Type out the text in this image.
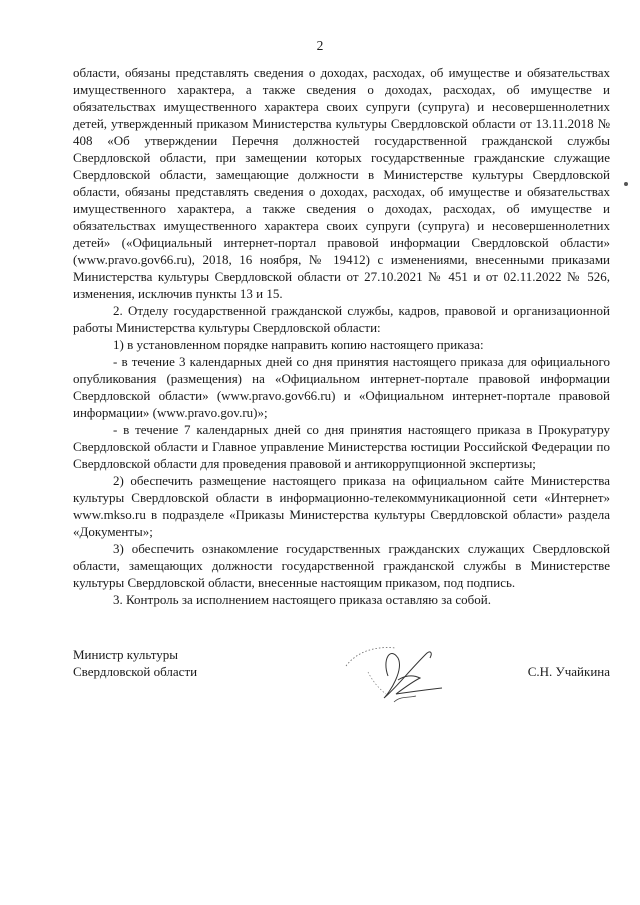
2

области, обязаны представлять сведения о доходах, расходах, об имуществе и обязательствах имущественного характера, а также сведения о доходах, расходах, об имуществе и обязательствах имущественного характера своих супруги (супруга) и несовершеннолетних детей, утвержденный приказом Министерства культуры Свердловской области от 13.11.2018 № 408 «Об утверждении Перечня должностей государственной гражданской службы Свердловской области, при замещении которых государственные гражданские служащие Свердловской области, замещающие должности в Министерстве культуры Свердловской области, обязаны представлять сведения о доходах, расходах, об имуществе и обязательствах имущественного характера, а также сведения о доходах, расходах, об имуществе и обязательствах имущественного характера своих супруги (супруга) и несовершеннолетних детей» («Официальный интернет-портал правовой информации Свердловской области» (www.pravo.gov66.ru), 2018, 16 ноября, № 19412) с изменениями, внесенными приказами Министерства культуры Свердловской области от 27.10.2021 № 451 и от 02.11.2022 № 526, изменения, исключив пункты 13 и 15.

2. Отделу государственной гражданской службы, кадров, правовой и организационной работы Министерства культуры Свердловской области:

1) в установленном порядке направить копию настоящего приказа:

- в течение 3 календарных дней со дня принятия настоящего приказа для официального опубликования (размещения) на «Официальном интернет-портале правовой информации Свердловской области» (www.pravo.gov66.ru) и «Официальном интернет-портале правовой информации» (www.pravo.gov.ru)»;

- в течение 7 календарных дней со дня принятия настоящего приказа в Прокуратуру Свердловской области и Главное управление Министерства юстиции Российской Федерации по Свердловской области для проведения правовой и антикоррупционной экспертизы;

2) обеспечить размещение настоящего приказа на официальном сайте Министерства культуры Свердловской области в информационно-телекоммуникационной сети «Интернет» www.mkso.ru в подразделе «Приказы Министерства культуры Свердловской области» раздела «Документы»;

3) обеспечить ознакомление государственных гражданских служащих Свердловской области, замещающих должности государственной гражданской службы в Министерстве культуры Свердловской области, внесенные настоящим приказом, под подпись.

3. Контроль за исполнением настоящего приказа оставляю за собой.

Министр культуры
Свердловской области	С.Н. Учайкина
